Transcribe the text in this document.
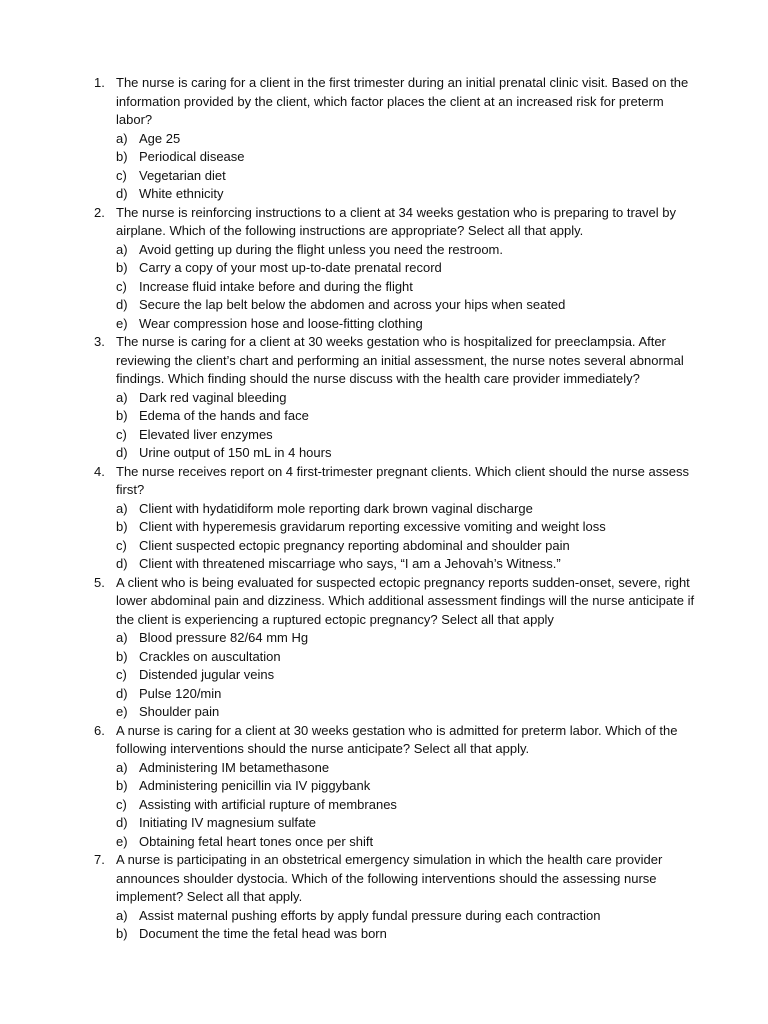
1. The nurse is caring for a client in the first trimester during an initial prenatal clinic visit. Based on the information provided by the client, which factor places the client at an increased risk for preterm labor?
a) Age 25
b) Periodical disease
c) Vegetarian diet
d) White ethnicity
2. The nurse is reinforcing instructions to a client at 34 weeks gestation who is preparing to travel by airplane. Which of the following instructions are appropriate? Select all that apply.
a) Avoid getting up during the flight unless you need the restroom.
b) Carry a copy of your most up-to-date prenatal record
c) Increase fluid intake before and during the flight
d) Secure the lap belt below the abdomen and across your hips when seated
e) Wear compression hose and loose-fitting clothing
3. The nurse is caring for a client at 30 weeks gestation who is hospitalized for preeclampsia. After reviewing the client’s chart and performing an initial assessment, the nurse notes several abnormal findings. Which finding should the nurse discuss with the health care provider immediately?
a) Dark red vaginal bleeding
b) Edema of the hands and face
c) Elevated liver enzymes
d) Urine output of 150 mL in 4 hours
4. The nurse receives report on 4 first-trimester pregnant clients. Which client should the nurse assess first?
a) Client with hydatidiform mole reporting dark brown vaginal discharge
b) Client with hyperemesis gravidarum reporting excessive vomiting and weight loss
c) Client suspected ectopic pregnancy reporting abdominal and shoulder pain
d) Client with threatened miscarriage who says, “I am a Jehovah’s Witness.”
5. A client who is being evaluated for suspected ectopic pregnancy reports sudden-onset, severe, right lower abdominal pain and dizziness. Which additional assessment findings will the nurse anticipate if the client is experiencing a ruptured ectopic pregnancy? Select all that apply
a) Blood pressure 82/64 mm Hg
b) Crackles on auscultation
c) Distended jugular veins
d) Pulse 120/min
e) Shoulder pain
6. A nurse is caring for a client at 30 weeks gestation who is admitted for preterm labor. Which of the following interventions should the nurse anticipate? Select all that apply.
a) Administering IM betamethasone
b) Administering penicillin via IV piggybank
c) Assisting with artificial rupture of membranes
d) Initiating IV magnesium sulfate
e) Obtaining fetal heart tones once per shift
7. A nurse is participating in an obstetrical emergency simulation in which the health care provider announces shoulder dystocia. Which of the following interventions should the assessing nurse implement? Select all that apply.
a) Assist maternal pushing efforts by apply fundal pressure during each contraction
b) Document the time the fetal head was born
